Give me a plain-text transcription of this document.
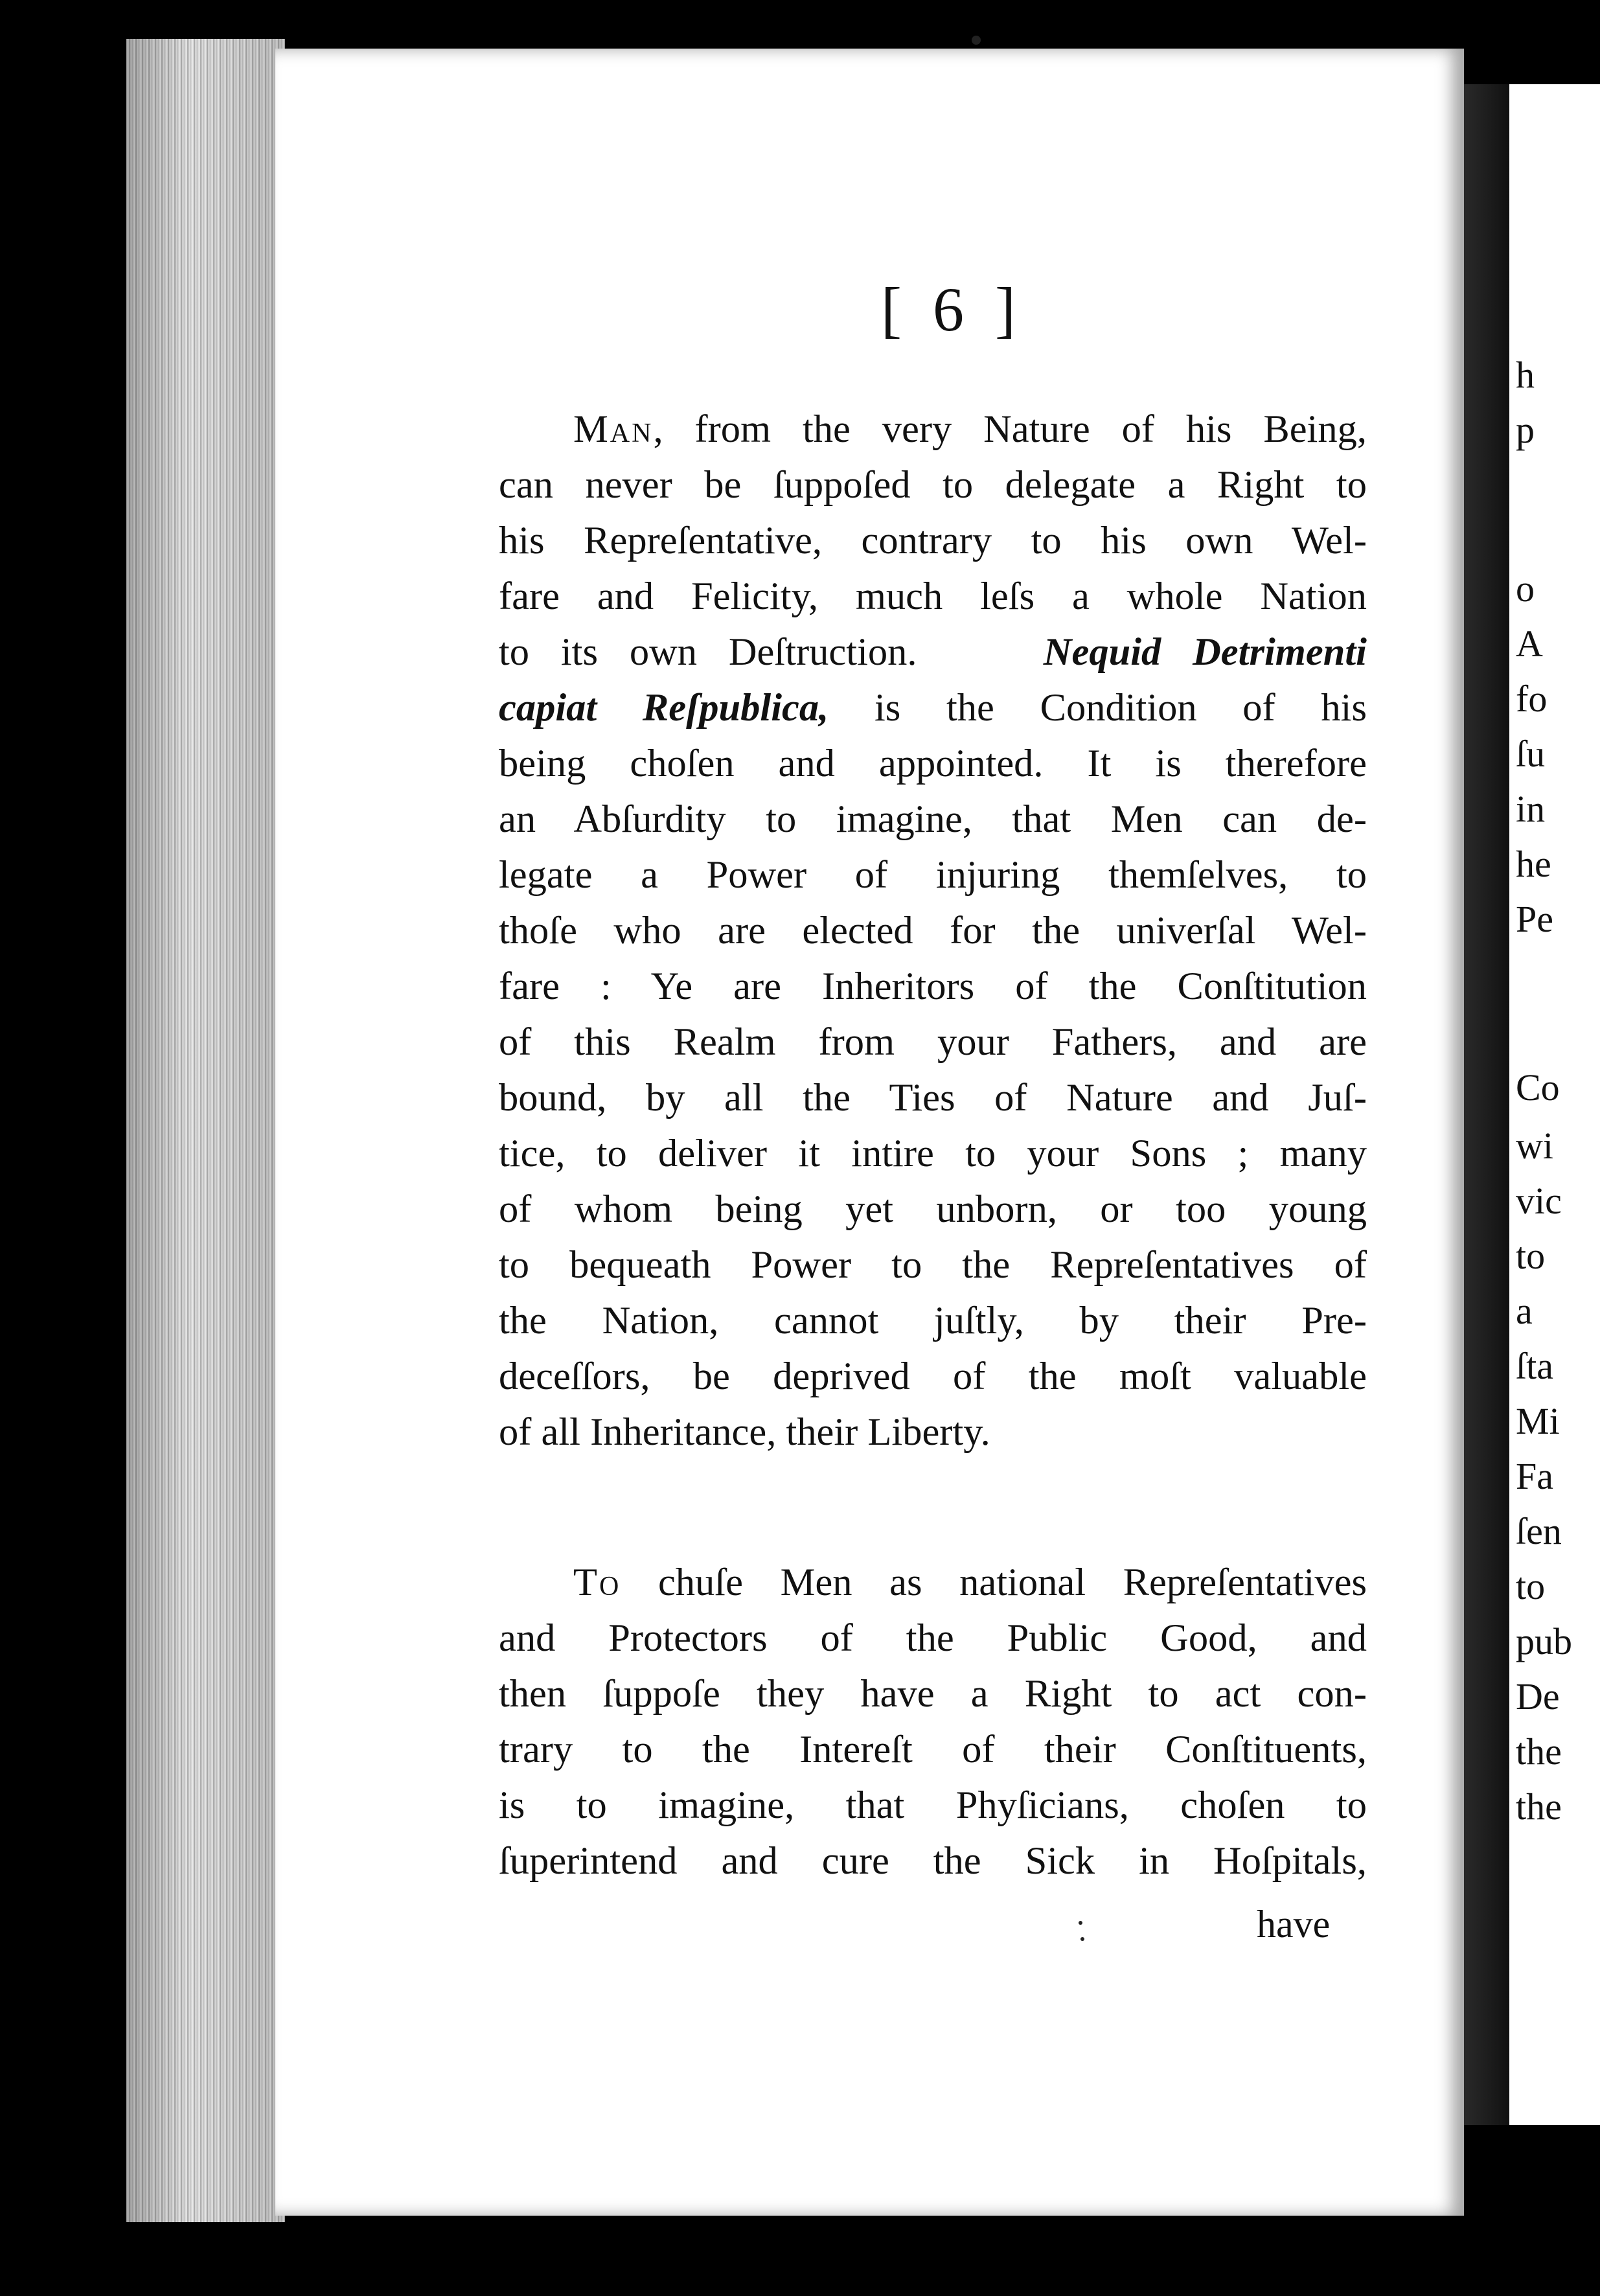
h
p
o
A
fo
ſu
in
he
Pe
Co
wi
vic
to
a
ſta
Mi
Fa
ſen
to
pub
De
the
the
[ 6 ]
Man, from the very Nature of his Being,
can never be ſuppoſed to delegate a Right to
his Repreſentative, contrary to his own Wel-
fare and Felicity, much leſs a whole Nation
to its own Deſtruction.	Nequid Detrimenti
capiat Reſpublica, is the Condition of his
being choſen and appointed. It is therefore
an Abſurdity to imagine, that Men can de-
legate a Power of injuring themſelves, to
thoſe who are elected for the univerſal Wel-
fare : Ye are Inheritors of the Conſtitution
of this Realm from your Fathers, and are
bound, by all the Ties of Nature and Juſ-
tice, to deliver it intire to your Sons ; many
of whom being yet unborn, or too young
to bequeath Power to the Repreſentatives of
the Nation, cannot juſtly, by their Pre-
deceſſors, be deprived of the moſt valuable
of all Inheritance, their Liberty.
To chuſe Men as national Repreſentatives
and Protectors of the Public Good, and
then ſuppoſe they have a Right to act con-
trary to the Intereſt of their Conſtituents,
is to imagine, that Phyſicians, choſen to
ſuperintend and cure the Sick in Hoſpitals,
have
